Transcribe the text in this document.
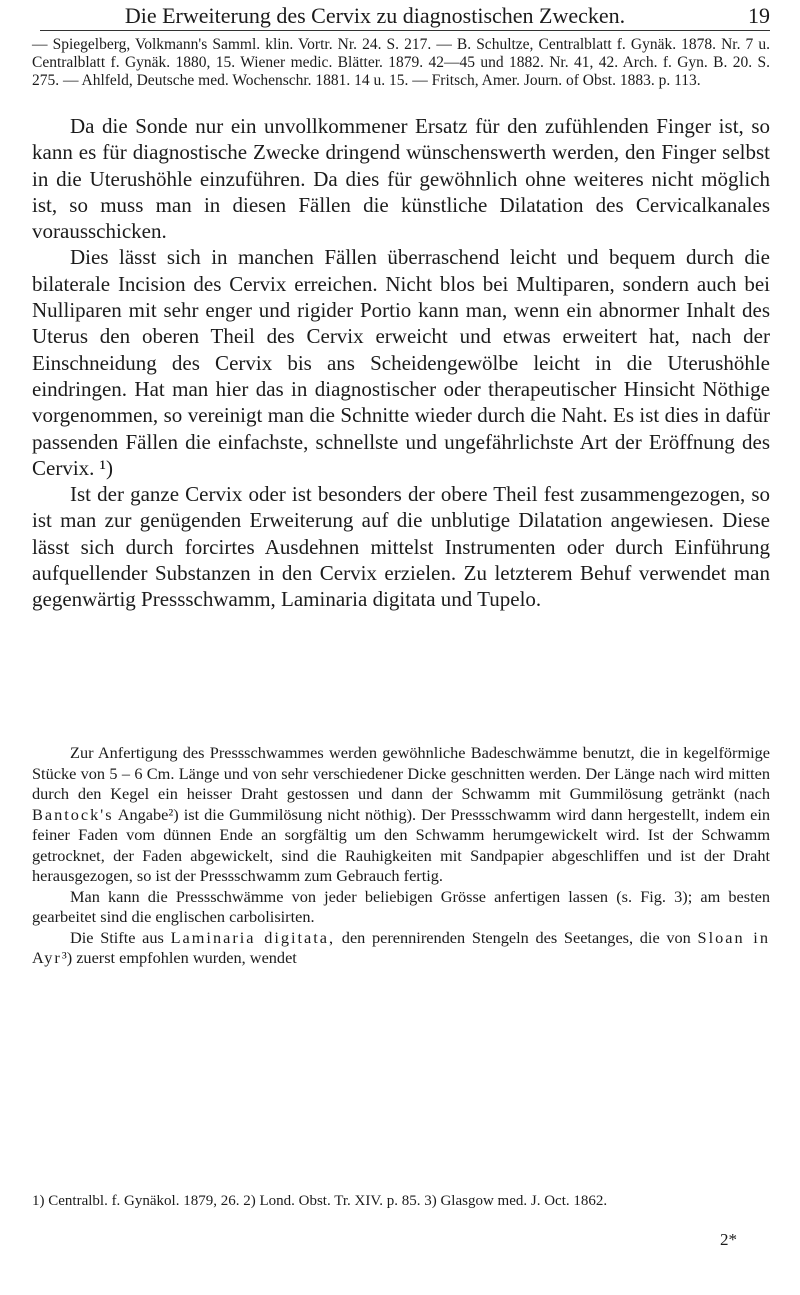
Die Erweiterung des Cervix zu diagnostischen Zwecken.	19

— Spiegelberg, Volkmann's Samml. klin. Vortr. Nr. 24. S. 217. — B. Schultze, Centralblatt f. Gynäk. 1878. Nr. 7 u. Centralblatt f. Gynäk. 1880, 15. Wiener medic. Blätter. 1879. 42—45 und 1882. Nr. 41, 42. Arch. f. Gyn. B. 20. S. 275. — Ahlfeld, Deutsche med. Wochenschr. 1881. 14 u. 15. — Fritsch, Amer. Journ. of Obst. 1883. p. 113.

Da die Sonde nur ein unvollkommener Ersatz für den zufühlenden Finger ist, so kann es für diagnostische Zwecke dringend wünschenswerth werden, den Finger selbst in die Uterushöhle einzuführen. Da dies für gewöhnlich ohne weiteres nicht möglich ist, so muss man in diesen Fällen die künstliche Dilatation des Cervicalkanales vorausschicken.

Dies lässt sich in manchen Fällen überraschend leicht und bequem durch die bilaterale Incision des Cervix erreichen. Nicht blos bei Multiparen, sondern auch bei Nulliparen mit sehr enger und rigider Portio kann man, wenn ein abnormer Inhalt des Uterus den oberen Theil des Cervix erweicht und etwas erweitert hat, nach der Einschneidung des Cervix bis ans Scheidengewölbe leicht in die Uterushöhle eindringen. Hat man hier das in diagnostischer oder therapeutischer Hinsicht Nöthige vorgenommen, so vereinigt man die Schnitte wieder durch die Naht. Es ist dies in dafür passenden Fällen die einfachste, schnellste und ungefährlichste Art der Eröffnung des Cervix. ¹)

Ist der ganze Cervix oder ist besonders der obere Theil fest zusammengezogen, so ist man zur genügenden Erweiterung auf die unblutige Dilatation angewiesen. Diese lässt sich durch forcirtes Ausdehnen mittelst Instrumenten oder durch Einführung aufquellender Substanzen in den Cervix erzielen. Zu letzterem Behuf verwendet man gegenwärtig Pressschwamm, Laminaria digitata und Tupelo.

Zur Anfertigung des Pressschwammes werden gewöhnliche Badeschwämme benutzt, die in kegelförmige Stücke von 5 – 6 Cm. Länge und von sehr verschiedener Dicke geschnitten werden. Der Länge nach wird mitten durch den Kegel ein heisser Draht gestossen und dann der Schwamm mit Gummilösung getränkt (nach Bantock's Angabe²) ist die Gummilösung nicht nöthig). Der Pressschwamm wird dann hergestellt, indem ein feiner Faden vom dünnen Ende an sorgfältig um den Schwamm herumgewickelt wird. Ist der Schwamm getrocknet, der Faden abgewickelt, sind die Rauhigkeiten mit Sandpapier abgeschliffen und ist der Draht herausgezogen, so ist der Pressschwamm zum Gebrauch fertig.

Man kann die Pressschwämme von jeder beliebigen Grösse anfertigen lassen (s. Fig. 3); am besten gearbeitet sind die englischen carbolisirten.

Die Stifte aus Laminaria digitata, den perennirenden Stengeln des Seetanges, die von Sloan in Ayr³) zuerst empfohlen wurden, wendet

1) Centralbl. f. Gynäkol. 1879, 26. 2) Lond. Obst. Tr. XIV. p. 85. 3) Glasgow med. J. Oct. 1862.

2*
